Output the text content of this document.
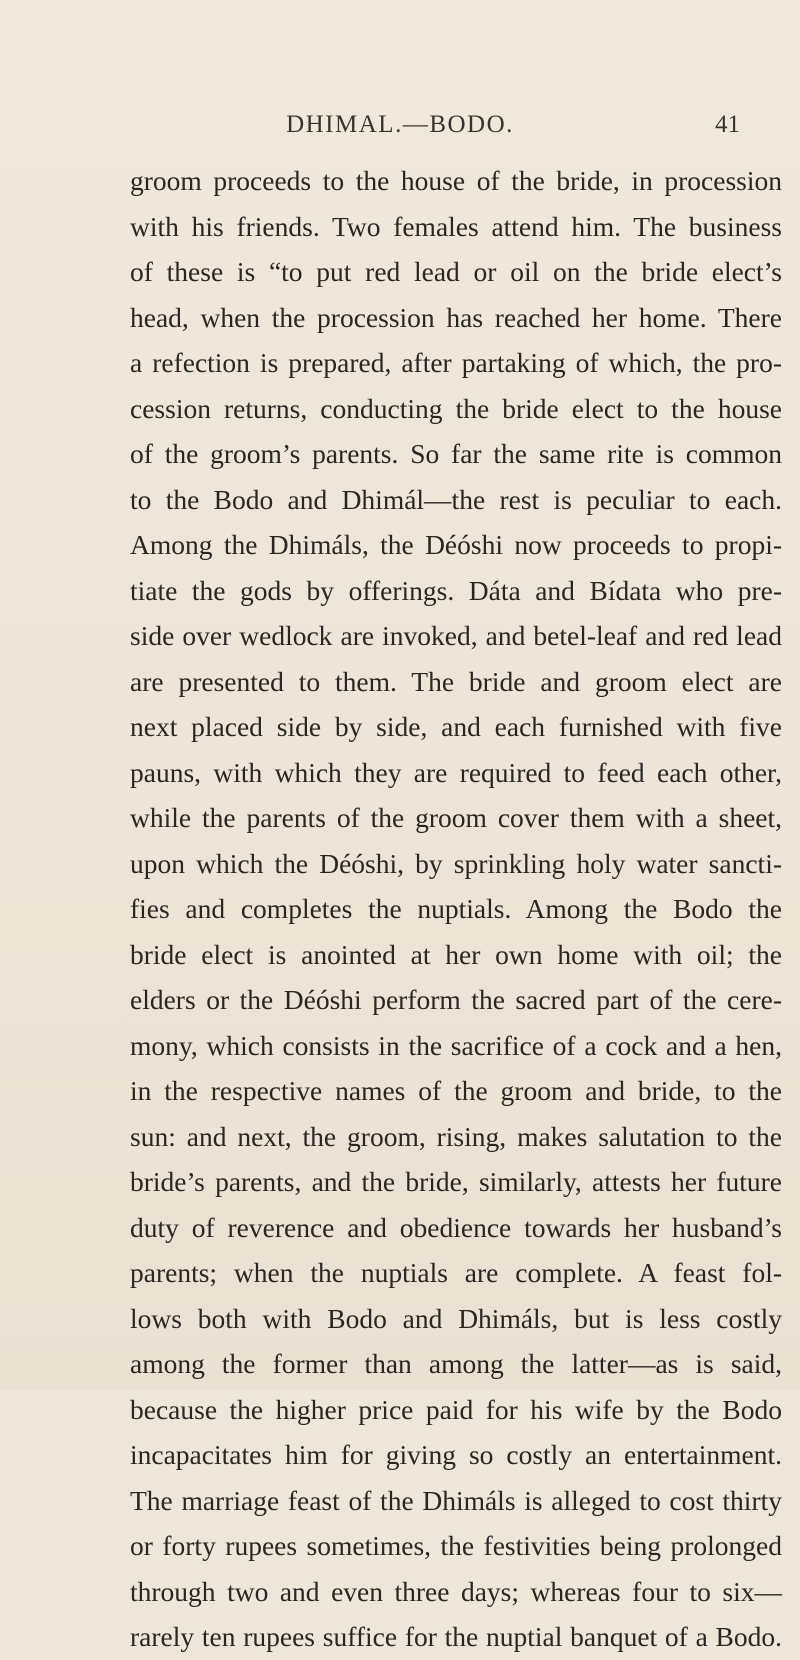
DHIMAL.—BODO.	41
groom proceeds to the house of the bride, in procession
with his friends. Two females attend him. The business
of these is “to put red lead or oil on the bride elect’s
head, when the procession has reached her home. There
a refection is prepared, after partaking of which, the pro-
cession returns, conducting the bride elect to the house
of the groom’s parents. So far the same rite is common
to the Bodo and Dhimál—the rest is peculiar to each.
Among the Dhimáls, the Déóshi now proceeds to propi-
tiate the gods by offerings. Dáta and Bídata who pre-
side over wedlock are invoked, and betel-leaf and red lead
are presented to them. The bride and groom elect are
next placed side by side, and each furnished with five
pauns, with which they are required to feed each other,
while the parents of the groom cover them with a sheet,
upon which the Déóshi, by sprinkling holy water sancti-
fies and completes the nuptials. Among the Bodo the
bride elect is anointed at her own home with oil; the
elders or the Déóshi perform the sacred part of the cere-
mony, which consists in the sacrifice of a cock and a hen,
in the respective names of the groom and bride, to the
sun: and next, the groom, rising, makes salutation to the
bride’s parents, and the bride, similarly, attests her future
duty of reverence and obedience towards her husband’s
parents; when the nuptials are complete. A feast fol-
lows both with Bodo and Dhimáls, but is less costly
among the former than among the latter—as is said,
because the higher price paid for his wife by the Bodo
incapacitates him for giving so costly an entertainment.
The marriage feast of the Dhimáls is alleged to cost thirty
or forty rupees sometimes, the festivities being prolonged
through two and even three days; whereas four to six—
rarely ten rupees suffice for the nuptial banquet of a Bodo.
